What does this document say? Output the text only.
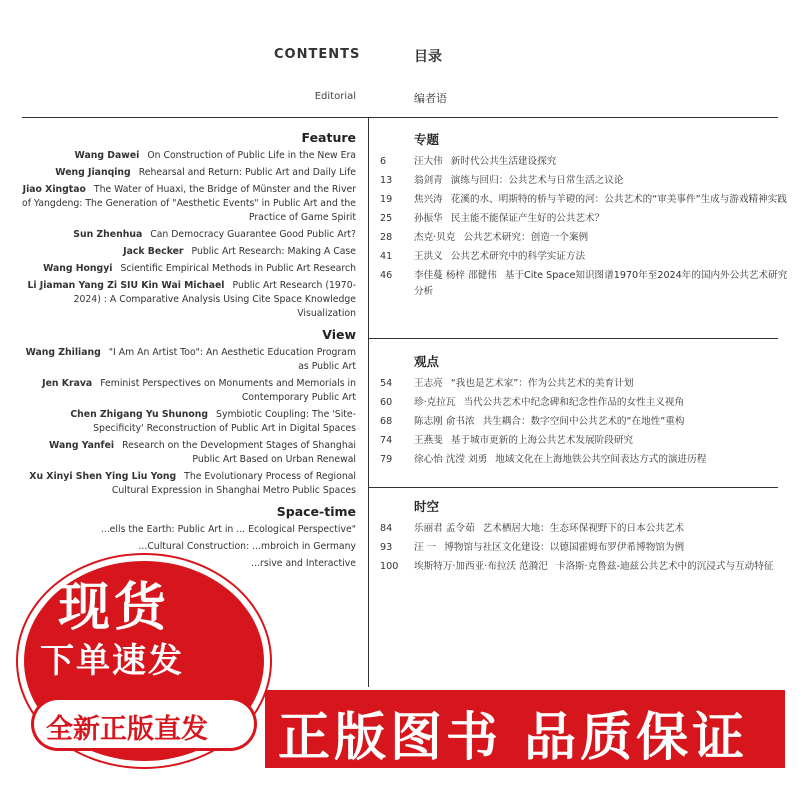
CONTENTS	目录
Editorial	编者语
Feature
Wang Dawei On Construction of Public Life in the New Era
Weng Jianqing Rehearsal and Return: Public Art and Daily Life
Jiao Xingtao The Water of Huaxi, the Bridge of Münster and the River of Yangdeng: The Generation of "Aesthetic Events" in Public Art and the Practice of Game Spirit
Sun Zhenhua Can Democracy Guarantee Good Public Art?
Jack Becker Public Art Research: Making A Case
Wang Hongyi Scientific Empirical Methods in Public Art Research
Li Jiaman Yang Zi SIU Kin Wai Michael Public Art Research (1970-2024) : A Comparative Analysis Using Cite Space Knowledge Visualization
View
Wang Zhiliang "I Am An Artist Too": An Aesthetic Education Program as Public Art
Jen Krava Feminist Perspectives on Monuments and Memorials in Contemporary Public Art
Chen Zhigang Yu Shunong Symbiotic Coupling: The 'Site-Specificity' Reconstruction of Public Art in Digital Spaces
Wang Yanfei Research on the Development Stages of Shanghai Public Art Based on Urban Renewal
Xu Xinyi Shen Ying Liu Yong The Evolutionary Process of Regional Cultural Expression in Shanghai Metro Public Spaces
Space-time
...ells the Earth: Public Art in ... Ecological Perspective"
...Cultural Construction: ...mbroich in Germany
...rsive and Interactive
专题
6	汪大伟 新时代公共生活建设探究
13	翁剑青 演练与回归：公共艺术与日常生活之议论
19	焦兴涛 花溪的水、明斯特的桥与羊磴的河：公共艺术的“审美事件”生成与游戏精神实践
25	孙振华 民主能不能保证产生好的公共艺术？
28	杰克·贝克 公共艺术研究：创造一个案例
41	王洪义 公共艺术研究中的科学实证方法
46	李佳蔓 杨梓 邵健伟 基于Cite Space知识图谱1970年至2024年的国内外公共艺术研究分析
观点
54	王志亮 “我也是艺术家”：作为公共艺术的美育计划
60	珍·克拉瓦 当代公共艺术中纪念碑和纪念性作品的女性主义视角
68	陈志刚 俞书浓 共生耦合：数字空间中公共艺术的“在地性”重构
74	王燕斐 基于城市更新的上海公共艺术发展阶段研究
79	徐心怡 沈滢 刘勇 地域文化在上海地铁公共空间表达方式的演进历程
时空
84	乐丽君 孟令茹 艺术栖居大地：生态环保视野下的日本公共艺术
93	汪 一 博物馆与社区文化建设：以德国霍姆布罗伊希博物馆为例
100	埃斯特万·加西亚·布拉沃 范漪汜 卡洛斯·克鲁兹-迪兹公共艺术中的沉浸式与互动特征
正版图书 品质保证
现货
下单速发
全新正版直发
